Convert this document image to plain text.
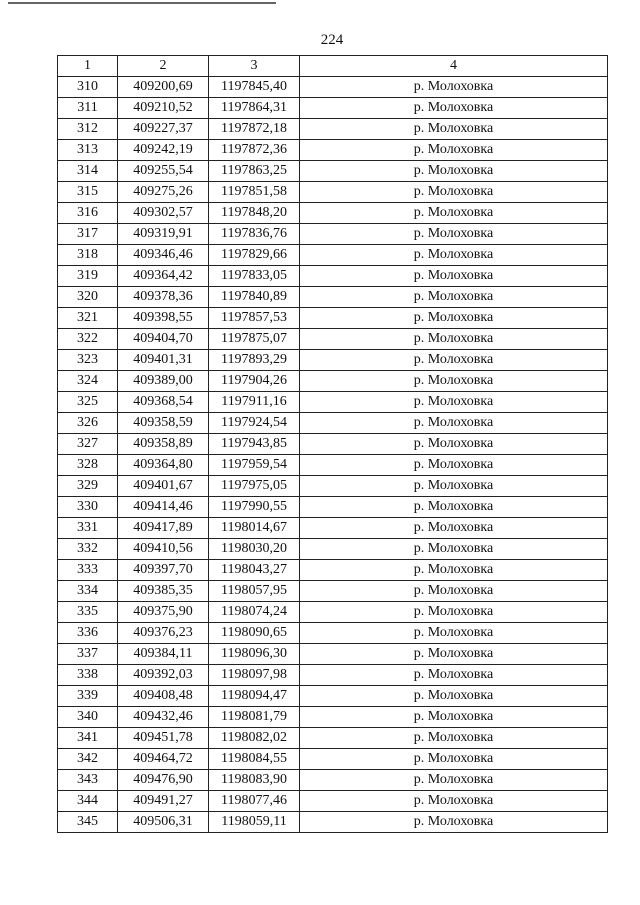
224
1	2	3	4
310	409200,69	1197845,40	р. Молоховка
311	409210,52	1197864,31	р. Молоховка
312	409227,37	1197872,18	р. Молоховка
313	409242,19	1197872,36	р. Молоховка
314	409255,54	1197863,25	р. Молоховка
315	409275,26	1197851,58	р. Молоховка
316	409302,57	1197848,20	р. Молоховка
317	409319,91	1197836,76	р. Молоховка
318	409346,46	1197829,66	р. Молоховка
319	409364,42	1197833,05	р. Молоховка
320	409378,36	1197840,89	р. Молоховка
321	409398,55	1197857,53	р. Молоховка
322	409404,70	1197875,07	р. Молоховка
323	409401,31	1197893,29	р. Молоховка
324	409389,00	1197904,26	р. Молоховка
325	409368,54	1197911,16	р. Молоховка
326	409358,59	1197924,54	р. Молоховка
327	409358,89	1197943,85	р. Молоховка
328	409364,80	1197959,54	р. Молоховка
329	409401,67	1197975,05	р. Молоховка
330	409414,46	1197990,55	р. Молоховка
331	409417,89	1198014,67	р. Молоховка
332	409410,56	1198030,20	р. Молоховка
333	409397,70	1198043,27	р. Молоховка
334	409385,35	1198057,95	р. Молоховка
335	409375,90	1198074,24	р. Молоховка
336	409376,23	1198090,65	р. Молоховка
337	409384,11	1198096,30	р. Молоховка
338	409392,03	1198097,98	р. Молоховка
339	409408,48	1198094,47	р. Молоховка
340	409432,46	1198081,79	р. Молоховка
341	409451,78	1198082,02	р. Молоховка
342	409464,72	1198084,55	р. Молоховка
343	409476,90	1198083,90	р. Молоховка
344	409491,27	1198077,46	р. Молоховка
345	409506,31	1198059,11	р. Молоховка
